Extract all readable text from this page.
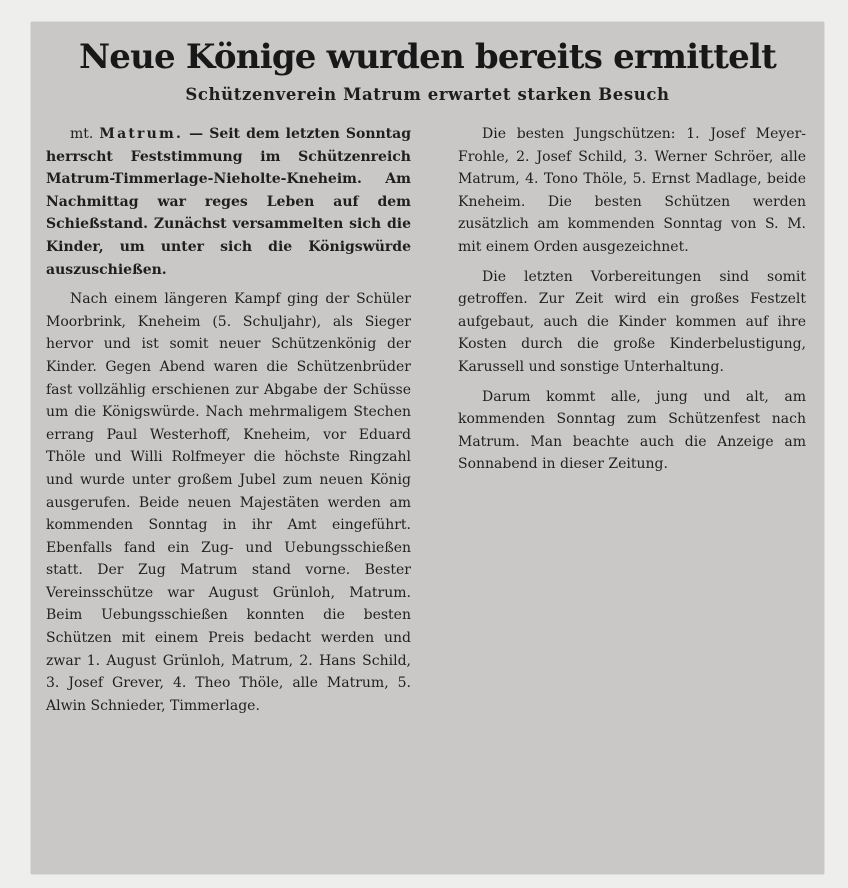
Neue Könige wurden bereits ermittelt
Schützenverein Matrum erwartet starken Besuch

mt. Matrum. — Seit dem letzten Sonntag herrscht Feststimmung im Schützenreich Matrum-Timmerlage-Nieholte-Kneheim. Am Nachmittag war reges Leben auf dem Schießstand. Zunächst versammelten sich die Kinder, um unter sich die Königswürde auszuschießen.

Nach einem längeren Kampf ging der Schüler Moorbrink, Kneheim (5. Schuljahr), als Sieger hervor und ist somit neuer Schützenkönig der Kinder. Gegen Abend waren die Schützenbrüder fast vollzählig erschienen zur Abgabe der Schüsse um die Königswürde. Nach mehrmaligem Stechen errang Paul Westerhoff, Kneheim, vor Eduard Thöle und Willi Rolfmeyer die höchste Ringzahl und wurde unter großem Jubel zum neuen König ausgerufen. Beide neuen Majestäten werden am kommenden Sonntag in ihr Amt eingeführt. Ebenfalls fand ein Zug- und Uebungsschießen statt. Der Zug Matrum stand vorne. Bester Vereinsschütze war August Grünloh, Matrum. Beim Uebungsschießen konnten die besten Schützen mit einem Preis bedacht werden und zwar 1. August Grünloh, Matrum, 2. Hans Schild, 3. Josef Grever, 4. Theo Thöle, alle Matrum, 5. Alwin Schnieder, Timmerlage.

Die besten Jungschützen: 1. Josef Meyer-Frohle, 2. Josef Schild, 3. Werner Schröer, alle Matrum, 4. Tono Thöle, 5. Ernst Madlage, beide Kneheim. Die besten Schützen werden zusätzlich am kommenden Sonntag von S. M. mit einem Orden ausgezeichnet.

Die letzten Vorbereitungen sind somit getroffen. Zur Zeit wird ein großes Festzelt aufgebaut, auch die Kinder kommen auf ihre Kosten durch die große Kinderbelustigung, Karussell und sonstige Unterhaltung.

Darum kommt alle, jung und alt, am kommenden Sonntag zum Schützenfest nach Matrum. Man beachte auch die Anzeige am Sonnabend in dieser Zeitung.
